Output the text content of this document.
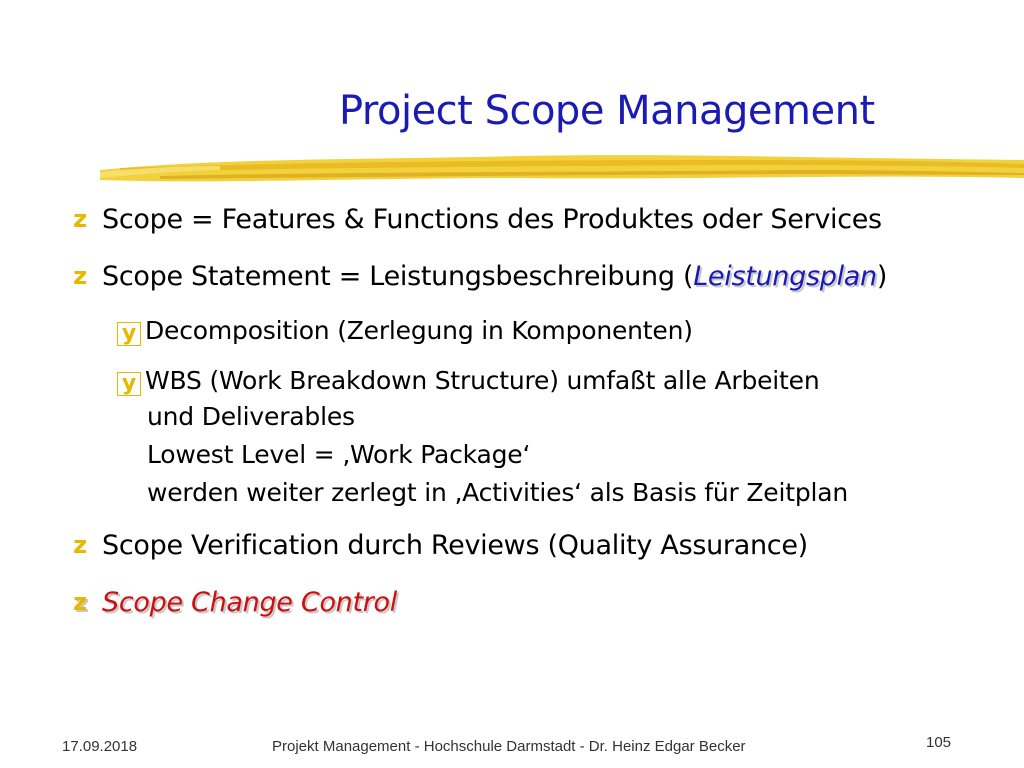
Project Scope Management
z Scope = Features & Functions des Produktes oder Services
z Scope Statement = Leistungsbeschreibung (Leistungsplan)
y Decomposition (Zerlegung in Komponenten)
y WBS (Work Breakdown Structure) umfaßt alle Arbeiten
und Deliverables
Lowest Level = ‚Work Package‘
werden weiter zerlegt in ‚Activities‘ als Basis für Zeitplan
z Scope Verification durch Reviews (Quality Assurance)
z Scope Change Control
17.09.2018	Projekt Management - Hochschule Darmstadt - Dr. Heinz Edgar Becker	105
